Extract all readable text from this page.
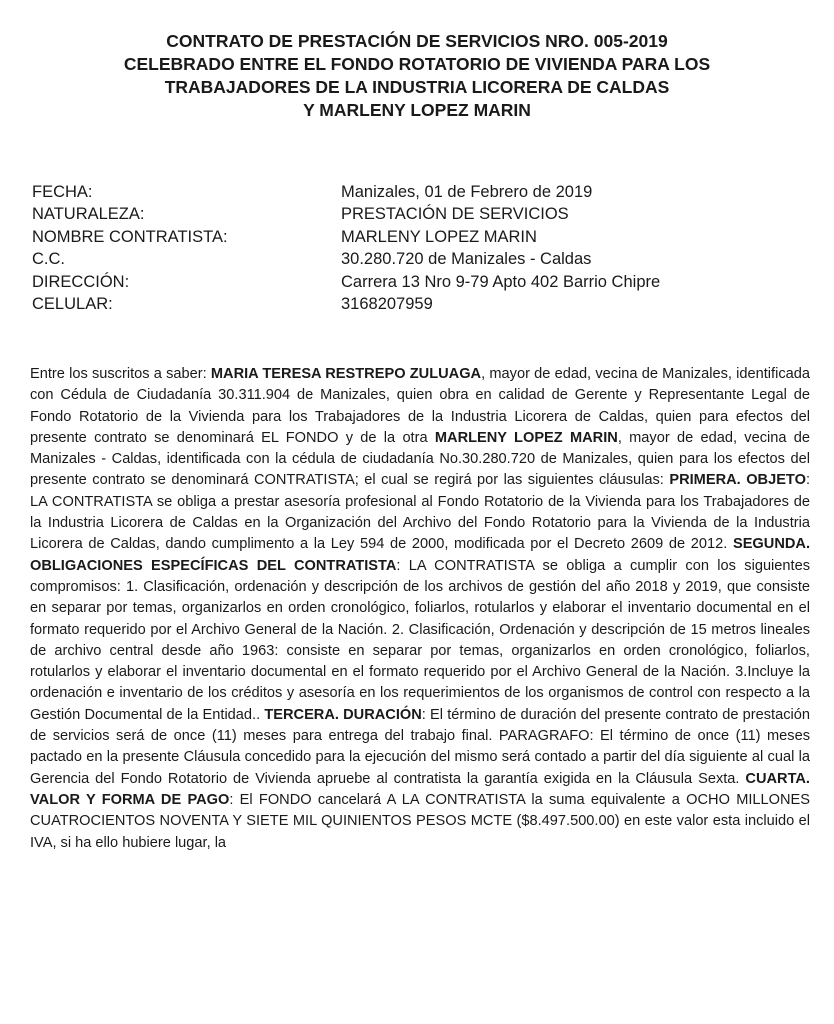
CONTRATO DE PRESTACIÓN DE SERVICIOS NRO. 005-2019
CELEBRADO ENTRE EL FONDO ROTATORIO DE VIVIENDA PARA LOS
TRABAJADORES DE LA INDUSTRIA LICORERA DE CALDAS
Y MARLENY LOPEZ MARIN
FECHA:	Manizales, 01 de Febrero de 2019
NATURALEZA:	PRESTACIÓN DE SERVICIOS
NOMBRE CONTRATISTA:	MARLENY LOPEZ MARIN
C.C.	30.280.720 de Manizales - Caldas
DIRECCIÓN:	Carrera 13 Nro 9-79 Apto 402 Barrio Chipre
CELULAR:	3168207959

Entre los suscritos a saber: MARIA TERESA RESTREPO ZULUAGA, mayor de edad, vecina de Manizales, identificada con Cédula de Ciudadanía 30.311.904 de Manizales, quien obra en calidad de Gerente y Representante Legal de Fondo Rotatorio de la Vivienda para los Trabajadores de la Industria Licorera de Caldas, quien para efectos del presente contrato se denominará EL FONDO y de la otra MARLENY LOPEZ MARIN, mayor de edad, vecina de Manizales - Caldas, identificada con la cédula de ciudadanía No.30.280.720 de Manizales, quien para los efectos del presente contrato se denominará CONTRATISTA; el cual se regirá por las siguientes cláusulas: PRIMERA. OBJETO: LA CONTRATISTA se obliga a prestar asesoría profesional al Fondo Rotatorio de la Vivienda para los Trabajadores de la Industria Licorera de Caldas en la Organización del Archivo del Fondo Rotatorio para la Vivienda de la Industria Licorera de Caldas, dando cumplimento a la Ley 594 de 2000, modificada por el Decreto 2609 de 2012. SEGUNDA. OBLIGACIONES ESPECÍFICAS DEL CONTRATISTA: LA CONTRATISTA se obliga a cumplir con los siguientes compromisos: 1. Clasificación, ordenación y descripción de los archivos de gestión del año 2018 y 2019, que consiste en separar por temas, organizarlos en orden cronológico, foliarlos, rotularlos y elaborar el inventario documental en el formato requerido por el Archivo General de la Nación. 2. Clasificación, Ordenación y descripción de 15 metros lineales de archivo central desde año 1963: consiste en separar por temas, organizarlos en orden cronológico, foliarlos, rotularlos y elaborar el inventario documental en el formato requerido por el Archivo General de la Nación. 3.Incluye la ordenación e inventario de los créditos y asesoría en los requerimientos de los organismos de control con respecto a la Gestión Documental de la Entidad.. TERCERA. DURACIÓN: El término de duración del presente contrato de prestación de servicios será de once (11) meses para entrega del trabajo final. PARAGRAFO: El término de once (11) meses pactado en la presente Cláusula concedido para la ejecución del mismo será contado a partir del día siguiente al cual la Gerencia del Fondo Rotatorio de Vivienda apruebe al contratista la garantía exigida en la Cláusula Sexta. CUARTA. VALOR Y FORMA DE PAGO: El FONDO cancelará A LA CONTRATISTA la suma equivalente a OCHO MILLONES CUATROCIENTOS NOVENTA Y SIETE MIL QUINIENTOS PESOS MCTE ($8.497.500.00) en este valor esta incluido el IVA, si ha ello hubiere lugar, la
